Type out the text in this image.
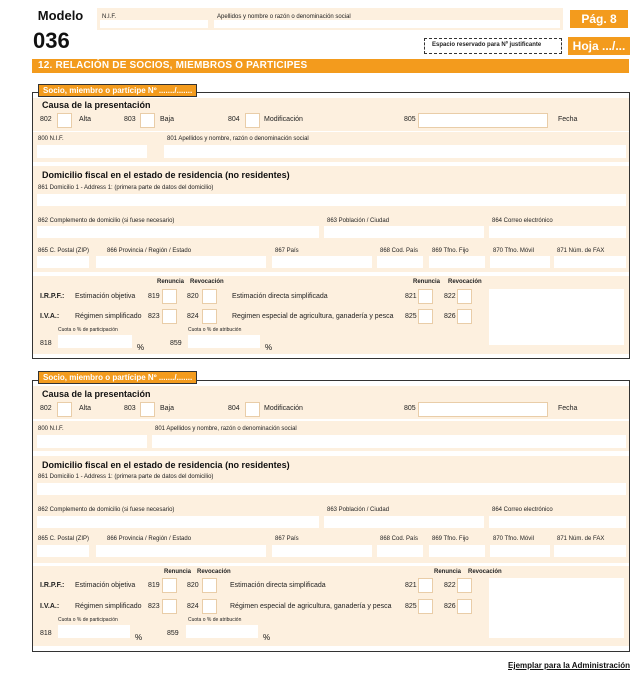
Modelo
036
N.I.F.	Apellidos y nombre o razón o denominación social	Pág. 8
Espacio reservado para Nº justificante	Hoja .../...
12. RELACIÓN DE SOCIOS, MIEMBROS O PARTICIPES
Socio, miembro o partícipe Nº ......./.......
Causa de la presentación
802	Alta	803	Baja	804	Modificación	805	Fecha
800 N.I.F.	801 Apellidos y nombre, razón o denominación social
Domicilio fiscal en el estado de residencia (no residentes)
861 Domicilio 1 - Address 1: (primera parte de datos del domicilio)
862 Complemento de domicilio (si fuese necesario)	863 Población / Ciudad	864 Correo electrónico
865 C. Postal (ZIP)	866 Provincia / Región / Estado	867 País	868 Cod. País 869 Tfno. Fijo	870 Tfno. Móvil	871 Núm. de FAX
Renuncia Revocación	Renuncia Revocación
I.R.P.F.: Estimación objetiva 819	820	Estimación directa simplificada	821	822
I.V.A.: Régimen simplificado 823	824	Regimen especial de agricultura, ganadería y pesca 825	826
Cuota o % de participación
818	%
Cuota o % de atribución
859	%
Socio, miembro o partícipe Nº ......./.......
Causa de la presentación
802	Alta	803	Baja	804	Modificación	805	Fecha
800 N.I.F.	801 Apellidos y nombre, razón o denominación social
Domicilio fiscal en el estado de residencia (no residentes)
861 Domicilio 1 - Address 1: (primera parte de datos del domicilio)
862 Complemento de domicilio (si fuese necesario)	863 Población / Ciudad	864 Correo electrónico
865 C. Postal (ZIP)	866 Provincia / Región / Estado	867 País	868 Cod. País 869 Tfno. Fijo	870 Tfno. Móvil	871 Núm. de FAX
Renuncia Revocación	Renuncia Revocación
I.R.P.F.: Estimación objetiva 819	820	Estimación directa simplificada	821	822
I.V.A.: Régimen simplificado 823	824	Régimen especial de agricultura, ganadería y pesca 825	826
Cuota o % de participación
818	%
Cuota o % de atribución
859	%
Ejemplar para la Administración
